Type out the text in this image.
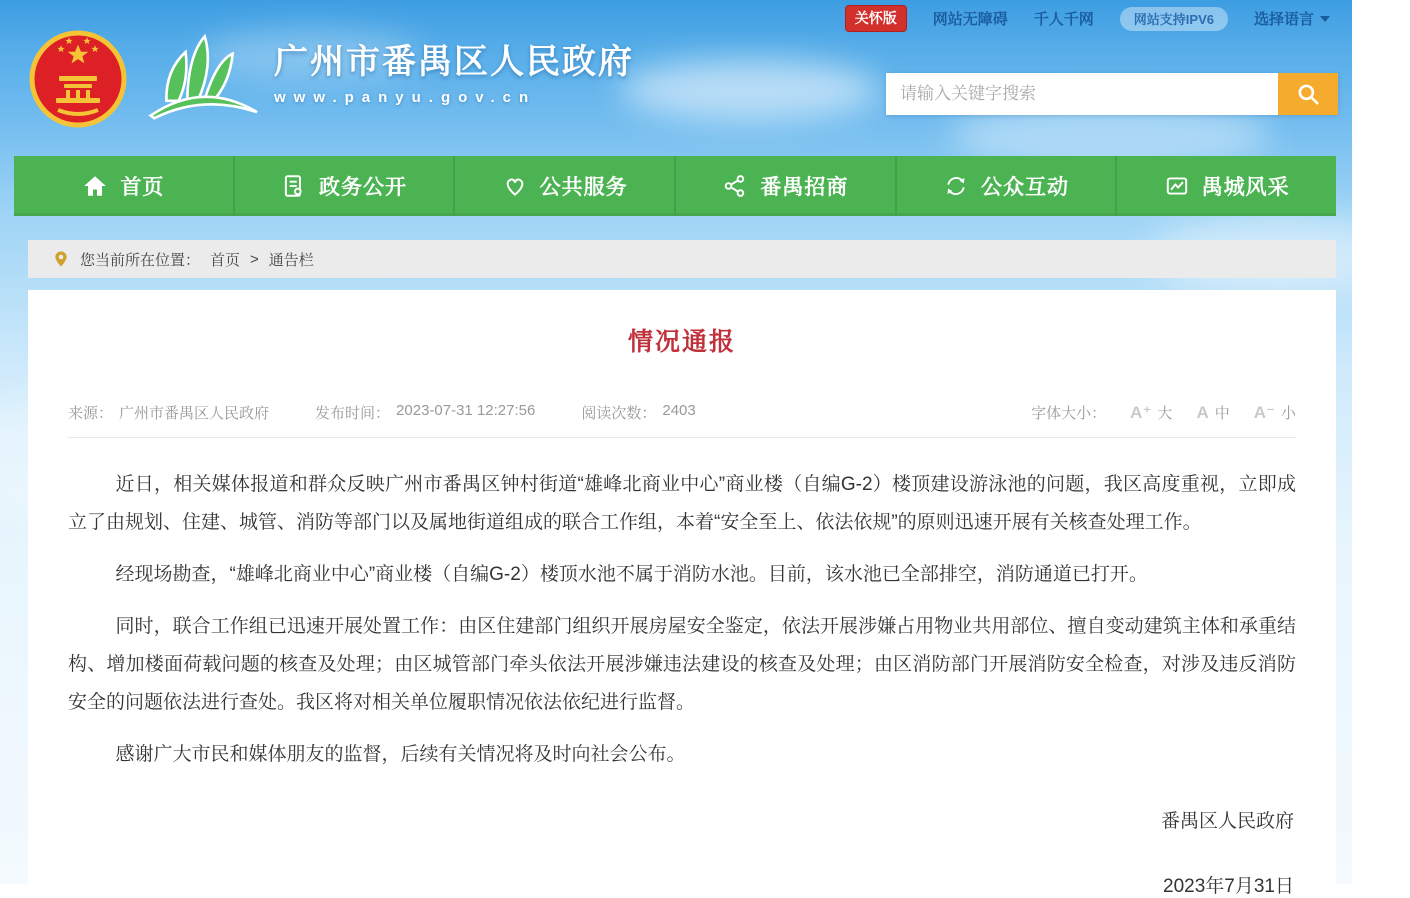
关怀版	网站无障碍 千人千网	网站支持IPV6	选择语言
广州市番禺区人民政府
www.panyu.gov.cn
请输入关键字搜索
首页	政务公开	公共服务	番禺招商	公众互动	禺城风采
您当前所在位置： 首页 > 通告栏
情况通报
来源： 广州市番禺区人民政府	发布时间： 2023-07-31 12:27:56	阅读次数： 2403	字体大小： A⁺ 大 A 中 A⁻ 小

近日，相关媒体报道和群众反映广州市番禺区钟村街道“雄峰北商业中心”商业楼（自编G-2）楼顶建设游泳池的问题，我区高度重视，立即成立了由规划、住建、城管、消防等部门以及属地街道组成的联合工作组，本着“安全至上、依法依规”的原则迅速开展有关核查处理工作。

经现场勘查，“雄峰北商业中心”商业楼（自编G-2）楼顶水池不属于消防水池。目前，该水池已全部排空，消防通道已打开。

同时，联合工作组已迅速开展处置工作：由区住建部门组织开展房屋安全鉴定，依法开展涉嫌占用物业共用部位、擅自变动建筑主体和承重结构、增加楼面荷载问题的核查及处理；由区城管部门牵头依法开展涉嫌违法建设的核查及处理；由区消防部门开展消防安全检查，对涉及违反消防安全的问题依法进行查处。我区将对相关单位履职情况依法依纪进行监督。

感谢广大市民和媒体朋友的监督，后续有关情况将及时向社会公布。

番禺区人民政府
2023年7月31日
